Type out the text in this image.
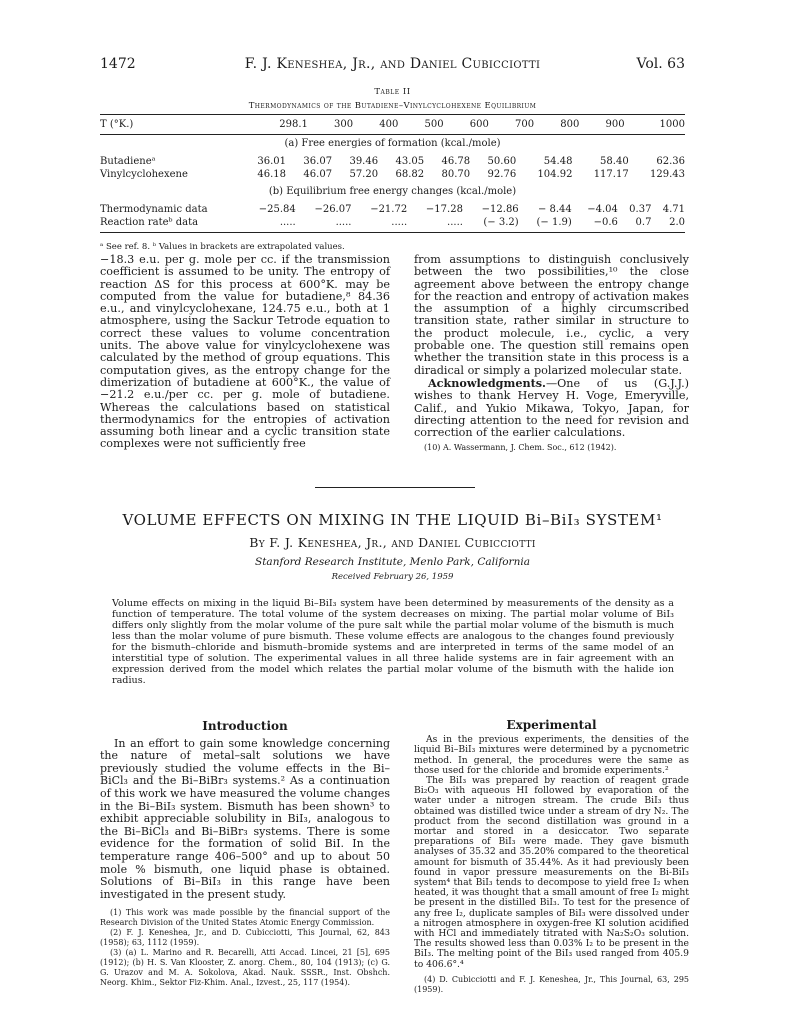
1472	F. J. Keneshea, Jr., and Daniel Cubicciotti	Vol. 63
Table II
Thermodynamics of the Butadiene–Vinylcyclohexene Equilibrium
T (°K.)	298.1	300	400	500	600	700	800	900	1000
(a) Free energies of formation (kcal./mole)
Butadieneᵃ	36.01	36.07	39.46	43.05	46.78	50.60	54.48	58.40	62.36
Vinylcyclohexene	46.18	46.07	57.20	68.82	80.70	92.76	104.92	117.17	129.43
(b) Equilibrium free energy changes (kcal./mole)
Thermodynamic data	−25.84	−26.07	−21.72	−17.28	−12.86	− 8.44	−4.04	0.37	4.71
Reaction rateᵇ data	.....	.....	.....	.....	(− 3.2)	(− 1.9)	−0.6	0.7	2.0
ᵃ See ref. 8. ᵇ Values in brackets are extrapolated values.

−18.3 e.u. per g. mole per cc. if the transmission coefficient is assumed to be unity. The entropy of reaction ΔS for this process at 600°K. may be computed from the value for butadiene,⁸ 84.36 e.u., and vinylcyclohexane, 124.75 e.u., both at 1 atmosphere, using the Sackur Tetrode equation to correct these values to volume concentration units. The above value for vinylcyclohexene was calculated by the method of group equations. This computation gives, as the entropy change for the dimerization of butadiene at 600°K., the value of −21.2 e.u./per cc. per g. mole of butadiene. Whereas the calculations based on statistical thermodynamics for the entropies of activation assuming both linear and a cyclic transition state complexes were not sufficiently free

from assumptions to distinguish conclusively between the two possibilities,¹⁰ the close agreement above between the entropy change for the reaction and entropy of activation makes the assumption of a highly circumscribed transition state, rather similar in structure to the product molecule, i.e., cyclic, a very probable one. The question still remains open whether the transition state in this process is a diradical or simply a polarized molecular state.

Acknowledgments.—One of us (G.J.J.) wishes to thank Hervey H. Voge, Emeryville, Calif., and Yukio Mikawa, Tokyo, Japan, for directing attention to the need for revision and correction of the earlier calculations.

(10) A. Wassermann, J. Chem. Soc., 612 (1942).

VOLUME EFFECTS ON MIXING IN THE LIQUID Bi–BiI₃ SYSTEM¹
By F. J. Keneshea, Jr., and Daniel Cubicciotti
Stanford Research Institute, Menlo Park, California
Received February 26, 1959
Volume effects on mixing in the liquid Bi–BiI₃ system have been determined by measurements of the density as a function of temperature. The total volume of the system decreases on mixing. The partial molar volume of BiI₃ differs only slightly from the molar volume of the pure salt while the partial molar volume of the bismuth is much less than the molar volume of pure bismuth. These volume effects are analogous to the changes found previously for the bismuth–chloride and bismuth–bromide systems and are interpreted in terms of the same model of an interstitial type of solution. The experimental values in all three halide systems are in fair agreement with an expression derived from the model which relates the partial molar volume of the bismuth with the halide ion radius.
Introduction

In an effort to gain some knowledge concerning the nature of metal–salt solutions we have previously studied the volume effects in the Bi–BiCl₃ and the Bi–BiBr₃ systems.² As a continuation of this work we have measured the volume changes in the Bi–BiI₃ system. Bismuth has been shown³ to exhibit appreciable solubility in BiI₃, analogous to the Bi–BiCl₃ and Bi–BiBr₃ systems. There is some evidence for the formation of solid BiI. In the temperature range 406–500° and up to about 50 mole % bismuth, one liquid phase is obtained. Solutions of Bi–BiI₃ in this range have been investigated in the present study.

(1) This work was made possible by the financial support of the Research Division of the United States Atomic Energy Commission.

(2) F. J. Keneshea, Jr., and D. Cubicciotti, This Journal, 62, 843 (1958); 63, 1112 (1959).

(3) (a) L. Marino and R. Becarelli, Atti Accad. Lincei, 21 [5], 695 (1912); (b) H. S. Van Klooster, Z. anorg. Chem., 80, 104 (1913); (c) G. G. Urazov and M. A. Sokolova, Akad. Nauk. SSSR., Inst. Obshch. Neorg. Khim., Sektor Fiz-Khim. Anal., Izvest., 25, 117 (1954).

Experimental

As in the previous experiments, the densities of the liquid Bi–BiI₃ mixtures were determined by a pycnometric method. In general, the procedures were the same as those used for the chloride and bromide experiments.²

The BiI₃ was prepared by reaction of reagent grade Bi₂O₃ with aqueous HI followed by evaporation of the water under a nitrogen stream. The crude BiI₃ thus obtained was distilled twice under a stream of dry N₂. The product from the second distillation was ground in a mortar and stored in a desiccator. Two separate preparations of BiI₃ were made. They gave bismuth analyses of 35.32 and 35.20% compared to the theoretical amount for bismuth of 35.44%. As it had previously been found in vapor pressure measurements on the Bi-BiI₃ system⁴ that BiI₃ tends to decompose to yield free I₂ when heated, it was thought that a small amount of free I₂ might be present in the distilled BiI₃. To test for the presence of any free I₂, duplicate samples of BiI₃ were dissolved under a nitrogen atmosphere in oxygen-free KI solution acidified with HCl and immediately titrated with Na₂S₂O₃ solution. The results showed less than 0.03% I₂ to be present in the BiI₃. The melting point of the BiI₃ used ranged from 405.9 to 406.6°.⁴

(4) D. Cubicciotti and F. J. Keneshea, Jr., This Journal, 63, 295 (1959).
